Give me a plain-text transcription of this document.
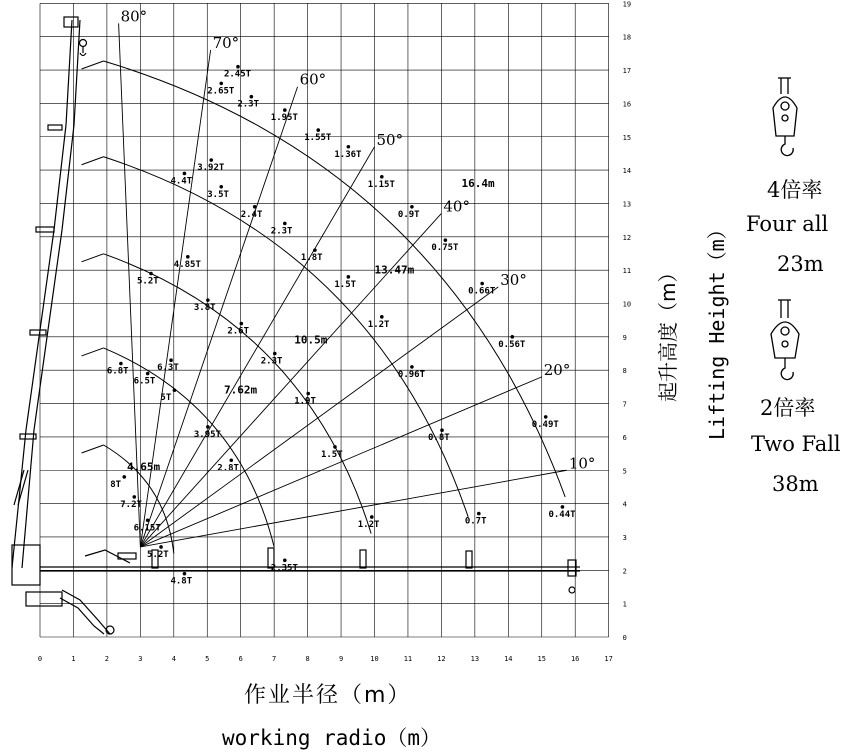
0	1	2	3	4	5	6	7	8	9	10	11	12	13	14	15	16	17
0
1
2
3
4
5
6
7
8
9
10
11
12
13
14
15
16
17
18
19
80°
70°
60°
50°
40°
30°
20°
10°
16.4m
13.47m
10.5m
7.62m
4.65m
2.45T
2.65T
2.3T
1.95T
1.55T
1.36T
1.15T
0.9T
0.75T
0.66T
0.56T
0.49T
0.44T
3.92T
4.4T
3.5T
2.4T
2.3T
1.8T
1.5T
1.2T
0.96T
0.8T
0.7T
4.85T
5.2T
3.8T
2.6T
2.3T
1.9T
1.5T
1.2T
6.3T
6.8T
6.5T
5T
3.95T
2.8T
2.35T
8T
7.2T
6.15T
5.2T
4.8T
作业半径（m）
working radio（m）
起升高度（m） Lifting Height（m）
4倍率
Four all
23m
2倍率
Two Fall
38m
